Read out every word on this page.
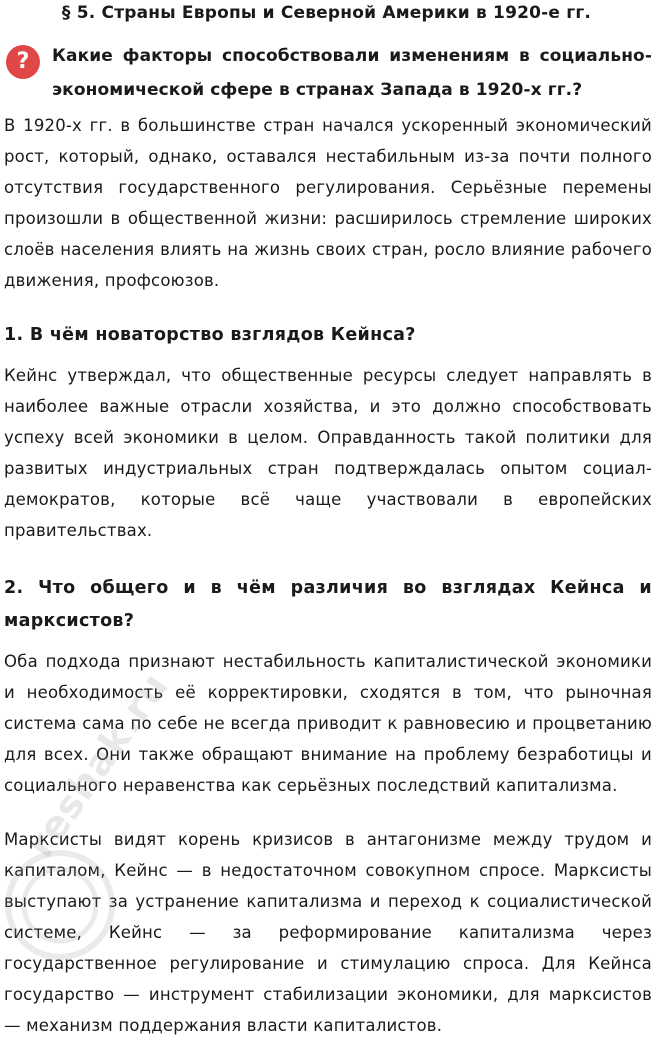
§ 5. Страны Европы и Северной Америки в 1920-е гг.
? Какие факторы способствовали изменениям в социально-экономической сфере в странах Запада в 1920-х гг.?

В 1920-х гг. в большинстве стран начался ускоренный экономический рост, который, однако, оставался нестабильным из-за почти полного отсутствия государственного регулирования. Серьёзные перемены произошли в общественной жизни: расширилось стремление широких слоёв населения влиять на жизнь своих стран, росло влияние рабочего движения, профсоюзов.

1. В чём новаторство взглядов Кейнса?

Кейнс утверждал, что общественные ресурсы следует направлять в наиболее важные отрасли хозяйства, и это должно способствовать успеху всей экономики в целом. Оправданность такой политики для развитых индустриальных стран подтверждалась опытом социал-демократов, которые всё чаще участвовали в европейских правительствах.

2. Что общего и в чём различия во взглядах Кейнса и марксистов?

Оба подхода признают нестабильность капиталистической экономики и необходимость её корректировки, сходятся в том, что рыночная система сама по себе не всегда приводит к равновесию и процветанию для всех. Они также обращают внимание на проблему безработицы и социального неравенства как серьёзных последствий капитализма.

Марксисты видят корень кризисов в антагонизме между трудом и капиталом, Кейнс — в недостаточном совокупном спросе. Марксисты выступают за устранение капитализма и переход к социалистической системе, Кейнс — за реформирование капитализма через государственное регулирование и стимулацию спроса. Для Кейнса государство — инструмент стабилизации экономики, для марксистов — механизм поддержания власти капиталистов.

reshak.ru
